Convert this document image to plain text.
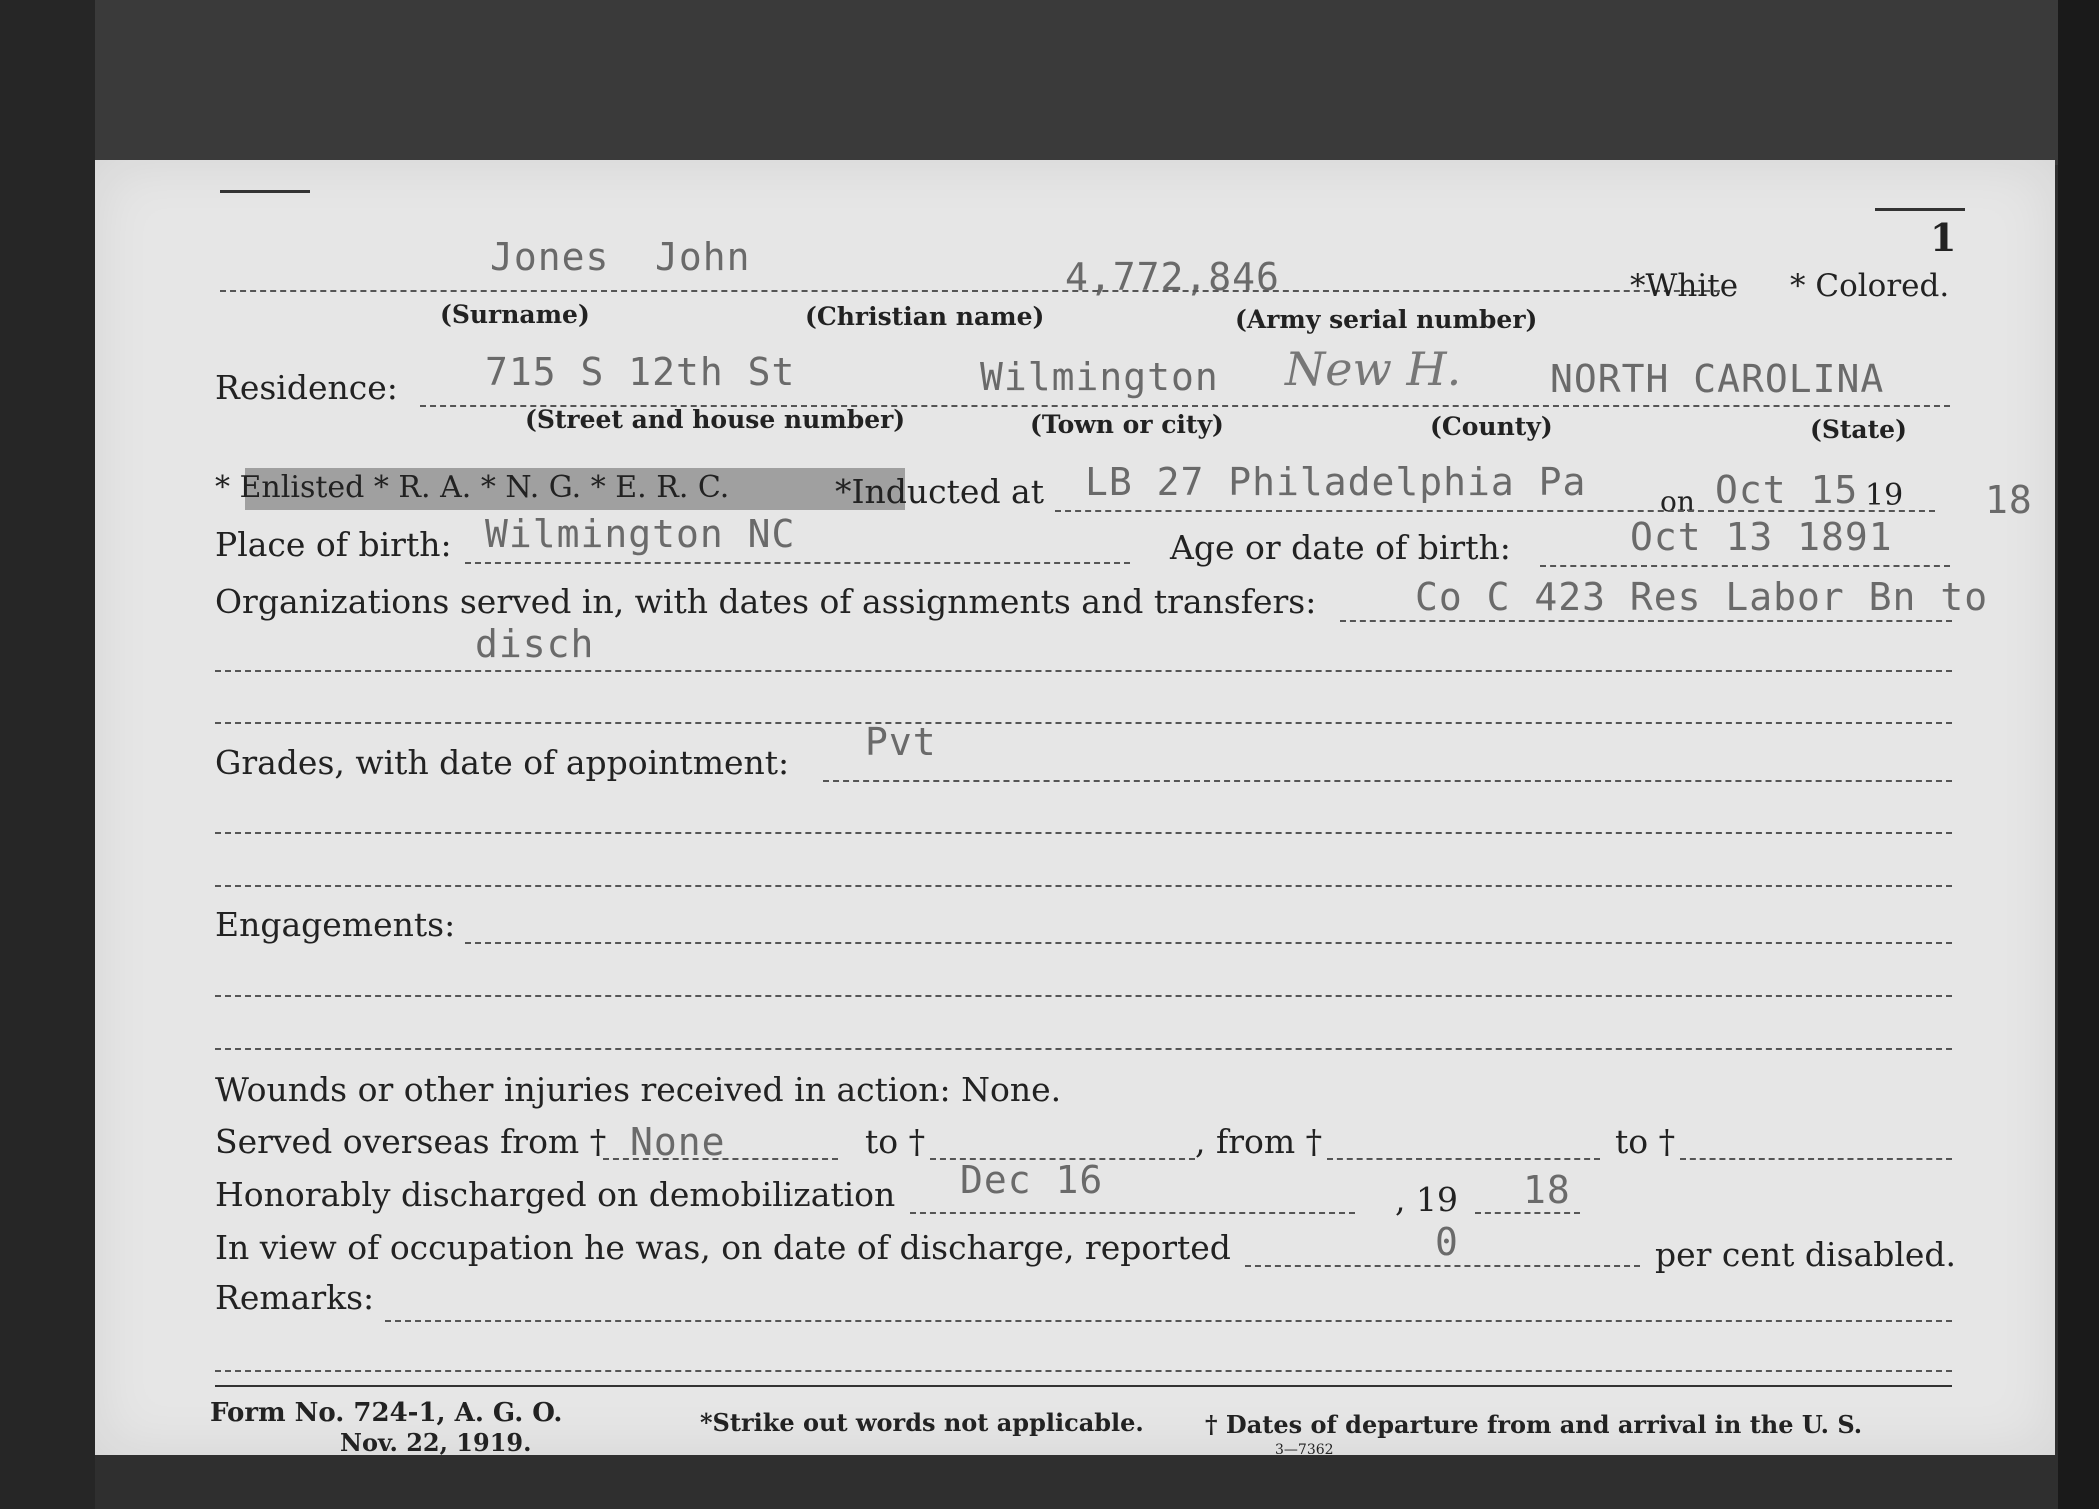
1
Jones John	4,772,846	*White * Colored.
(Surname)	(Christian name)	(Army serial number)
Residence: 715 S 12th St	Wilmington New H. NORTH CAROLINA
(Street and house number)	(Town or city)	(County)	(State)
* Enlisted * R. A. * N. G. * E. R. C.	*Inducted at LB 27 Philadelphia Pa	on Oct 15 19 18
Place of birth: Wilmington NC	Age or date of birth:	Oct 13 1891
Organizations served in, with dates of assignments and transfers:	Co C 423 Res Labor Bn to
disch
Grades, with date of appointment: Pvt
Engagements:
Wounds or other injuries received in action: None.
Served overseas from † None	to †	, from †	to †
Honorably discharged on demobilization Dec 16	, 19 18
In view of occupation he was, on date of discharge, reported	0	per cent disabled.
Remarks:
Form No. 724-1, A. G. O.
Nov. 22, 1919.
*Strike out words not applicable.	† Dates of departure from and arrival in the U. S.
3—7362
